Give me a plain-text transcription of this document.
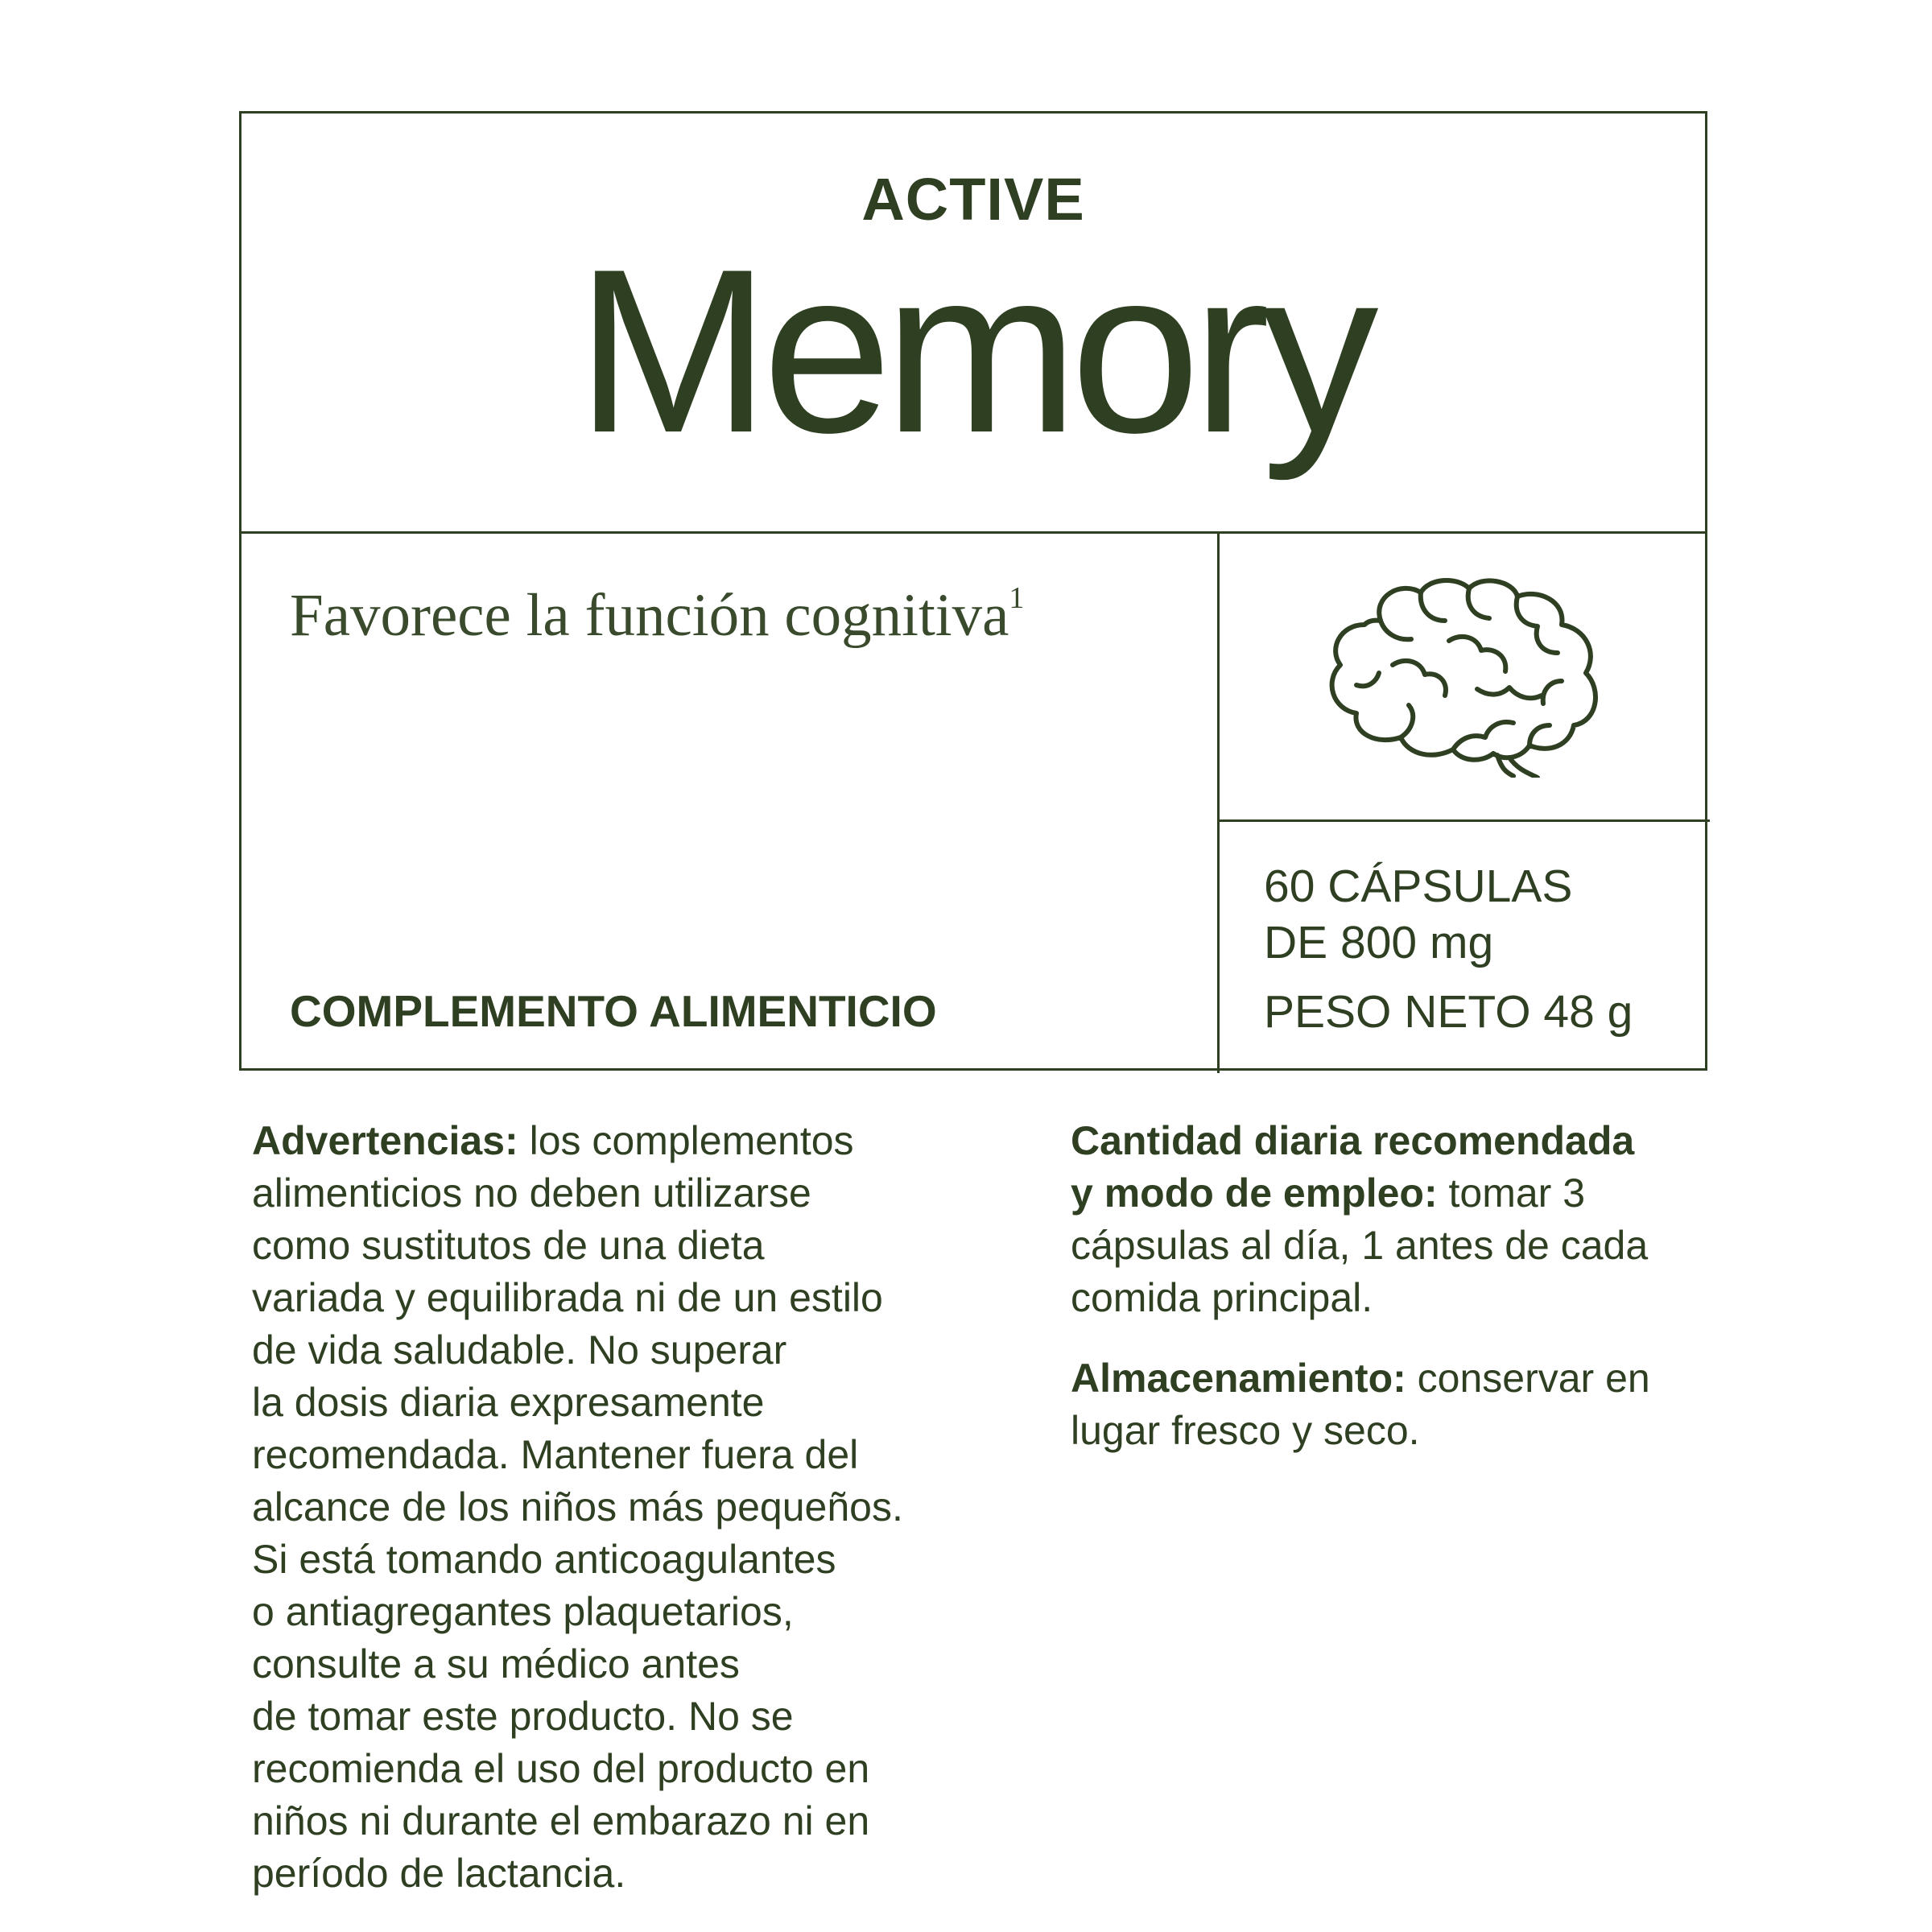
ACTIVE
Memory
Favorece la función cognitiva$^1$
COMPLEMENTO ALIMENTICIO
60 CÁPSULAS
DE 800 mg
PESO NETO 48 g
Advertencias: los complementos
alimenticios no deben utilizarse
como sustitutos de una dieta
variada y equilibrada ni de un estilo
de vida saludable. No superar
la dosis diaria expresamente
recomendada. Mantener fuera del
alcance de los niños más pequeños.
Si está tomando anticoagulantes
o antiagregantes plaquetarios,
consulte a su médico antes
de tomar este producto. No se
recomienda el uso del producto en
niños ni durante el embarazo ni en
período de lactancia.
Cantidad diaria recomendada
y modo de empleo: tomar 3
cápsulas al día, 1 antes de cada
comida principal.
Almacenamiento: conservar en
lugar fresco y seco.
